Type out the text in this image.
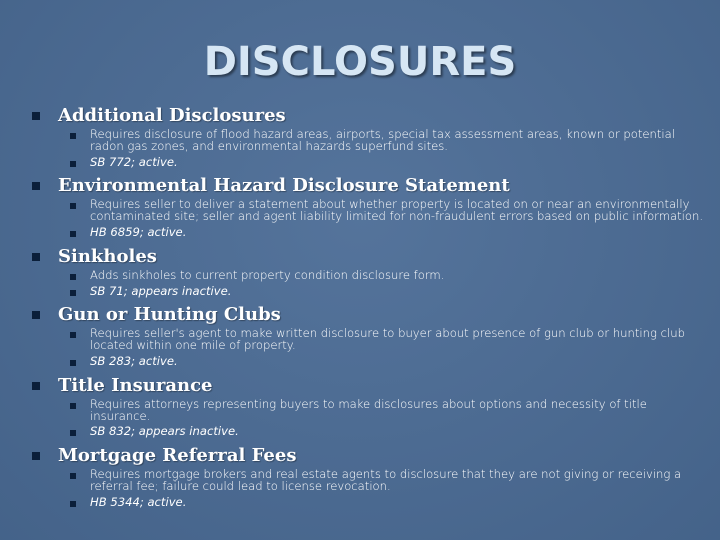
DISCLOSURES
Additional Disclosures
Requires disclosure of flood hazard areas, airports, special tax assessment areas, known or potential radon gas zones, and environmental hazards superfund sites.
SB 772; active.
Environmental Hazard Disclosure Statement
Requires seller to deliver a statement about whether property is located on or near an environmentally contaminated site; seller and agent liability limited for non-fraudulent errors based on public information.
HB 6859; active.
Sinkholes
Adds sinkholes to current property condition disclosure form.
SB 71; appears inactive.
Gun or Hunting Clubs
Requires seller's agent to make written disclosure to buyer about presence of gun club or hunting club located within one mile of property.
SB 283; active.
Title Insurance
Requires attorneys representing buyers to make disclosures about options and necessity of title insurance.
SB 832; appears inactive.
Mortgage Referral Fees
Requires mortgage brokers and real estate agents to disclosure that they are not giving or receiving a referral fee; failure could lead to license revocation.
HB 5344; active.
